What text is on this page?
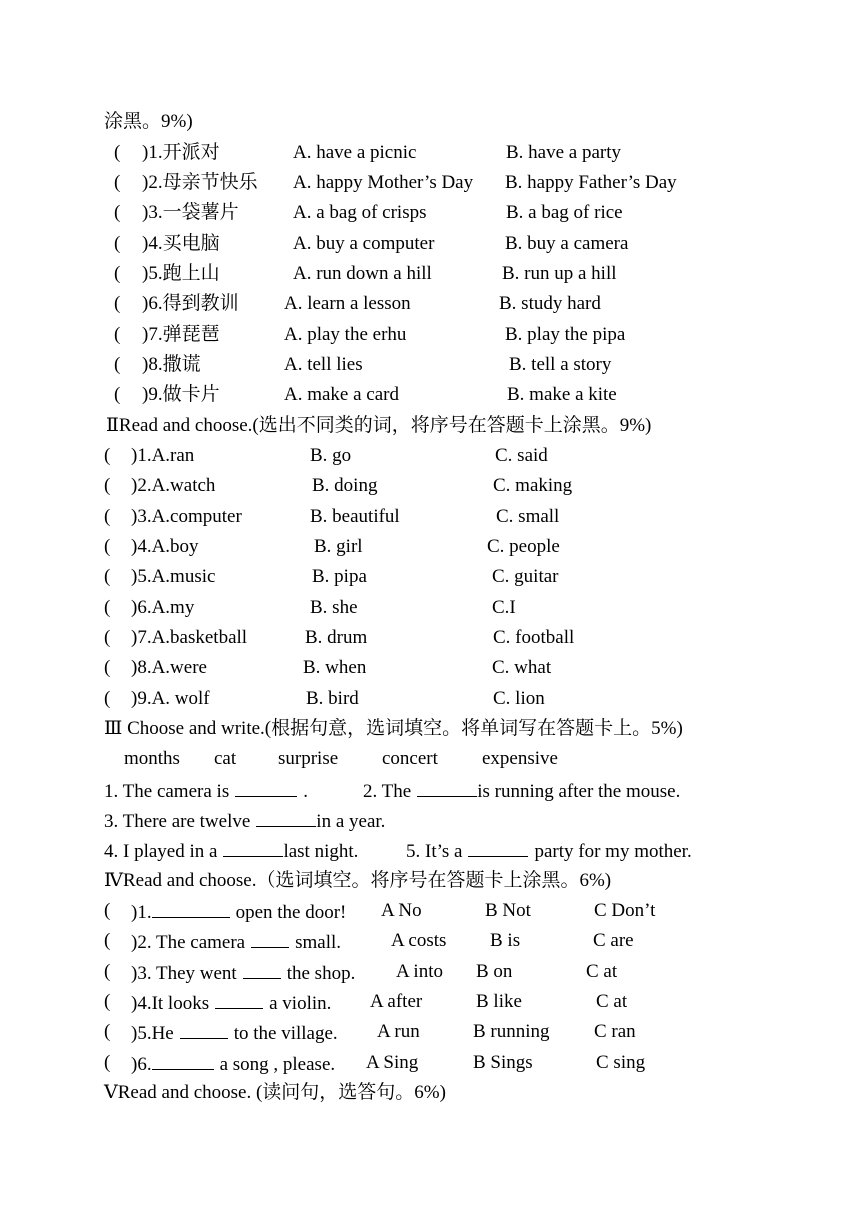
涂黑。9%)
( )1.开派对	A. have a picnic	B. have a party
( )2.母亲节快乐 A. happy Mother’s Day B. happy Father’s Day
( )3.一袋薯片	A. a bag of crisps	B. a bag of rice
( )4.买电脑	A. buy a computer	B. buy a camera
( )5.跑上山	A. run down a hill	B. run up a hill
( )6.得到教训 A. learn a lesson	B. study hard
( )7.弹琵琶	A. play the erhu	B. play the pipa
( )8.撒谎	A. tell lies	B. tell a story
( )9.做卡片	A. make a card	B. make a kite
ⅡRead and choose.(选出不同类的词，将序号在答题卡上涂黑。9%)
( )1.A.ran	B. go	C. said
( )2.A.watch	B. doing	C. making
( )3.A.computer	B. beautiful	C. small
( )4.A.boy	B. girl	C. people
( )5.A.music	B. pipa	C. guitar
( )6.A.my	B. she	C.I
( )7.A.basketball	B. drum	C. football
( )8.A.were	B. when	C. what
( )9.A. wolf	B. bird	C. lion
Ⅲ Choose and write.(根据句意，选词填空。将单词写在答题卡上。5%)
months cat surprise concert expensive
1. The camera is	.	2. The	is running after the mouse.
3. There are twelve	in a year.
4. I played in a	last night.	5. It’s a	party for my mother.
ⅣRead and choose.（选词填空。将序号在答题卡上涂黑。6%)
( )1.	open the door! A No	B Not	C Don’t
( )2. The camera	small.	A costs B is	C are
( )3. They went	the shop. A into B on	C at
( )4.It looks	a violin. A after	B like	C at
( )5.He	to the village. A run	B running C ran
( )6.	a song , please. A Sing	B Sings	C sing
ⅤRead and choose. (读问句，选答句。6%)
